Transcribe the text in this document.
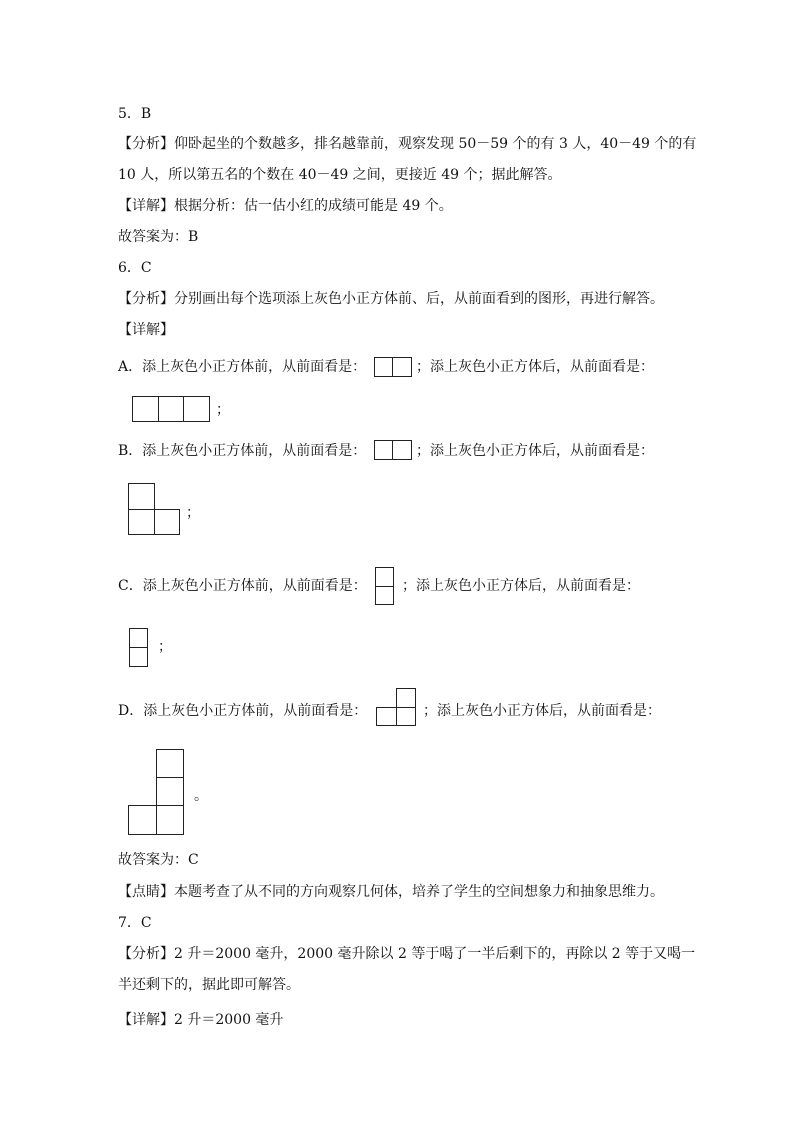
5．B
【分析】仰卧起坐的个数越多，排名越靠前，观察发现 50－59 个的有 3 人，40－49 个的有
10 人，所以第五名的个数在 40－49 之间，更接近 49 个；据此解答。
【详解】根据分析：估一估小红的成绩可能是 49 个。
故答案为：B
6．C
【分析】分别画出每个选项添上灰色小正方体前、后，从前面看到的图形，再进行解答。
【详解】
A．添上灰色小正方体前，从前面看是：	；添上灰色小正方体后，从前面看是：
；
B．添上灰色小正方体前，从前面看是：	；添上灰色小正方体后，从前面看是：
；
C．添上灰色小正方体前，从前面看是：	；添上灰色小正方体后，从前面看是：
；
D．添上灰色小正方体前，从前面看是：	；添上灰色小正方体后，从前面看是：
。
故答案为：C
【点睛】本题考查了从不同的方向观察几何体，培养了学生的空间想象力和抽象思维力。
7．C
【分析】2 升＝2000 毫升，2000 毫升除以 2 等于喝了一半后剩下的，再除以 2 等于又喝一
半还剩下的，据此即可解答。
【详解】2 升＝2000 毫升
